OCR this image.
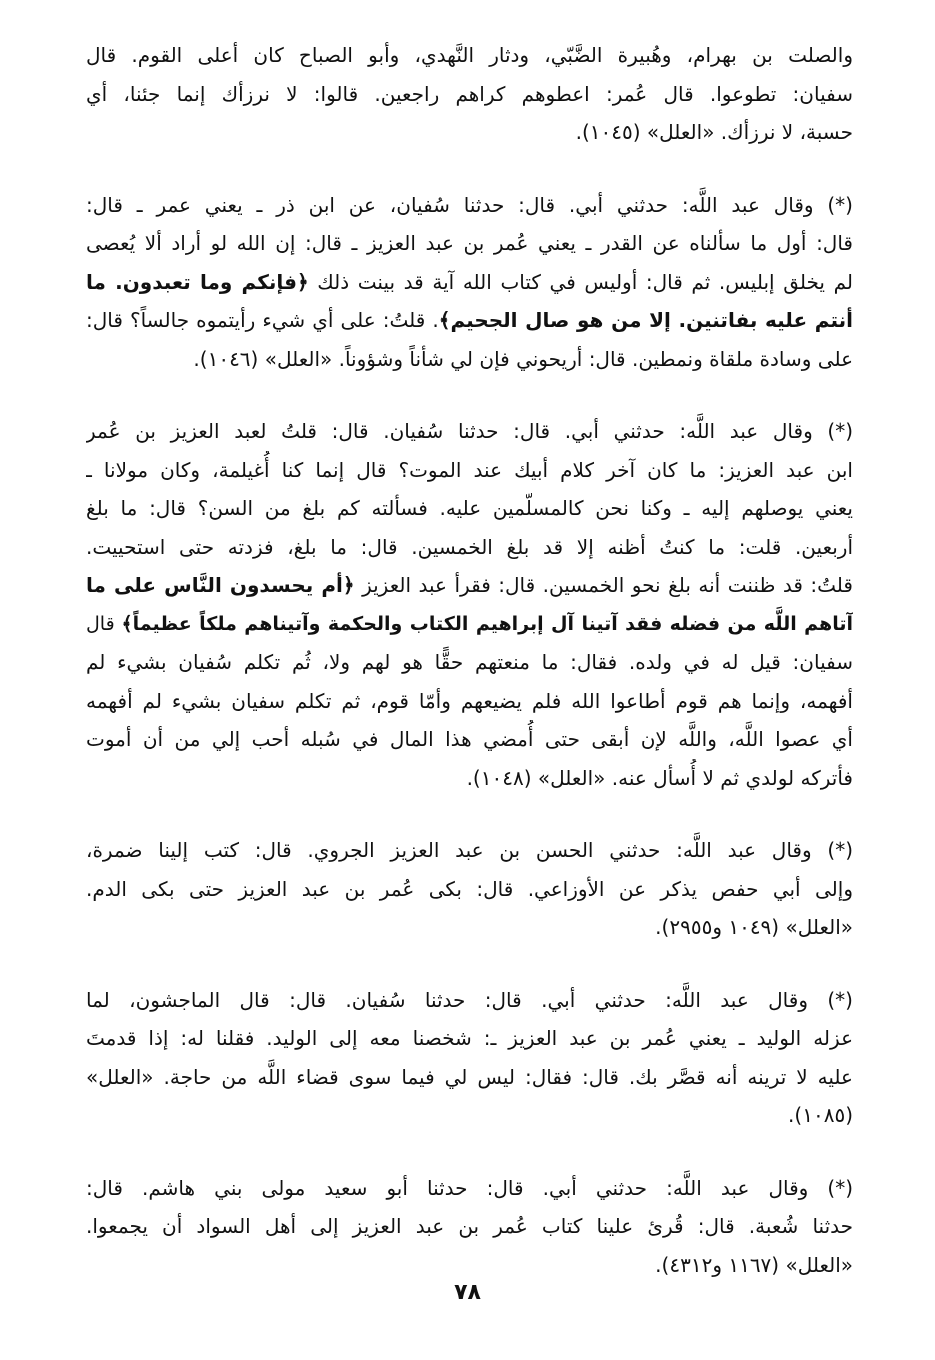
والصلت بن بهرام، وهُبيرة الضَّبّي، ودثار النَّهدي، وأبو الصباح كان أعلى القوم. قال
سفيان: تطوعوا. قال عُمر: اعطوهم كراهم راجعين. قالوا: لا نرزأك إنما جئنا، أي
حسبة، لا نرزأك. «العلل» (١٠٤٥).
(*) وقال عبد اللَّه: حدثني أبي. قال: حدثنا سُفيان، عن ابن ذر ـ يعني عمر ـ قال:
قال: أول ما سألناه عن القدر ـ يعني عُمر بن عبد العزيز ـ قال: إن الله لو أراد ألا يُعصى
لم يخلق إبليس. ثم قال: أوليس في كتاب الله آية قد بينت ذلك ﴿فإنكم وما تعبدون. ما
أنتم عليه بفاتنين. إلا من هو صال الجحيم﴾. قلتُ: على أي شيء رأيتموه جالساً؟ قال:
على وسادة ملقاة ونمطين. قال: أريحوني فإن لي شأناً وشؤوناً. «العلل» (١٠٤٦).
(*) وقال عبد اللَّه: حدثني أبي. قال: حدثنا سُفيان. قال: قلتُ لعبد العزيز بن عُمر
ابن عبد العزيز: ما كان آخر كلام أبيك عند الموت؟ قال إنما كنا أُغيلمة، وكان مولانا ـ
يعني يوصلهم إليه ـ وكنا نحن كالمسلّمين عليه. فسألته كم بلغ من السن؟ قال: ما بلغ
أربعين. قلت: ما كنتُ أظنه إلا قد بلغ الخمسين. قال: ما بلغ، فزدته حتى استحييت.
قلتُ: قد ظننت أنه بلغ نحو الخمسين. قال: فقرأ عبد العزيز ﴿أم يحسدون النَّاس على ما
آتاهم اللَّه من فضله فقد آتينا آل إبراهيم الكتاب والحكمة وآتيناهم ملكاً عظيماً﴾ قال
سفيان: قيل له في ولده. فقال: ما منعتهم حقًّا هو لهم ولا، ثُم تكلم سُفيان بشيء لم
أفهمه، وإنما هم قوم أطاعوا الله فلم يضيعهم وأمّا قوم، ثم تكلم سفيان بشيء لم أفهمه
أي عصوا اللَّه، واللَّه لإن أبقى حتى أُمضي هذا المال في سُبله أحب إلي من أن أموت
فأتركه لولدي ثم لا أُسأل عنه. «العلل» (١٠٤٨).
(*) وقال عبد اللَّه: حدثني الحسن بن عبد العزيز الجروي. قال: كتب إلينا ضمرة،
وإلى أبي حفص يذكر عن الأوزاعي. قال: بكى عُمر بن عبد العزيز حتى بكى الدم.
«العلل» (١٠٤٩ و٢٩٥٥).
(*) وقال عبد اللَّه: حدثني أبي. قال: حدثنا سُفيان. قال: قال الماجشون، لما
عزله الوليد ـ يعني عُمر بن عبد العزيز ـ: شخصنا معه إلى الوليد. فقلنا له: إذا قدمتَ
عليه لا ترينه أنه قصَّر بك. قال: فقال: ليس لي فيما سوى قضاء اللَّه من حاجة. «العلل»
(١٠٨٥).
(*) وقال عبد اللَّه: حدثني أبي. قال: حدثنا أبو سعيد مولى بني هاشم. قال:
حدثنا شُعبة. قال: قُرئ علينا كتاب عُمر بن عبد العزيز إلى أهل السواد أن يجمعوا.
«العلل» (١١٦٧ و٤٣١٢).
٧٨
